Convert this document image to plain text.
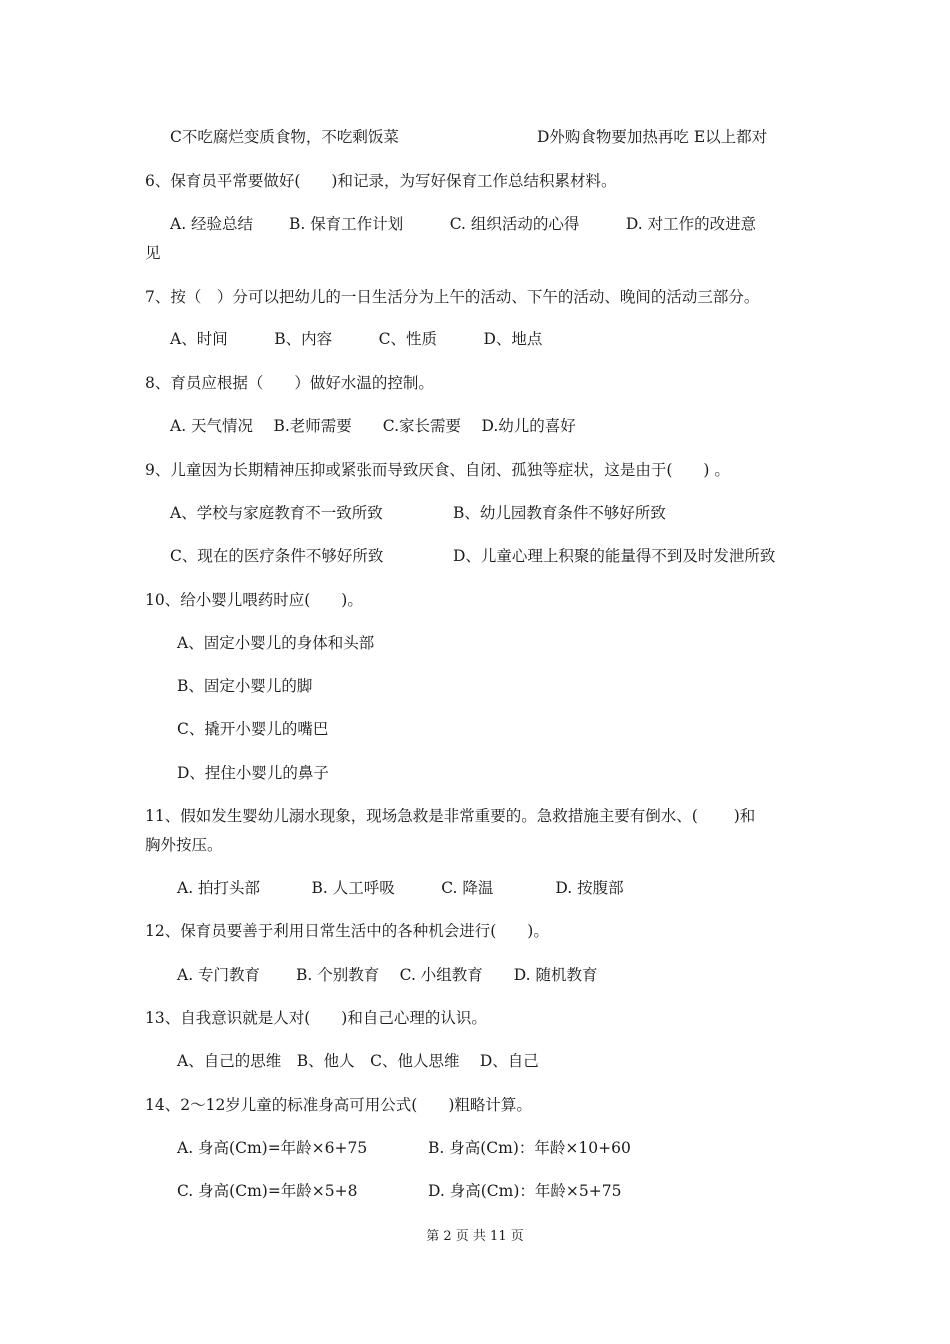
C不吃腐烂变质食物，不吃剩饭菜	D外购食物要加热再吃 E以上都对
6、保育员平常要做好(　　)和记录，为写好保育工作总结积累材料。
A. 经验总结　　 B. 保育工作计划　　　C. 组织活动的心得　　　D. 对工作的改进意
见
7、按（　）分可以把幼儿的一日生活分为上午的活动、下午的活动、晚间的活动三部分。
A、时间　　　B、内容　　　C、性质　　　D、地点
8、育员应根据（　　）做好水温的控制。
A. 天气情况　 B.老师需要　　C.家长需要　 D.幼儿的喜好
9、儿童因为长期精神压抑或紧张而导致厌食、自闭、孤独等症状，这是由于(　　) 。
A、学校与家庭教育不一致所致	B、幼儿园教育条件不够好所致
C、现在的医疗条件不够好所致	D、儿童心理上积聚的能量得不到及时发泄所致
10、给小婴儿喂药时应(　　)。
A、固定小婴儿的身体和头部
B、固定小婴儿的脚
C、撬开小婴儿的嘴巴
D、捏住小婴儿的鼻子
11、假如发生婴幼儿溺水现象，现场急救是非常重要的。急救措施主要有倒水、(　　 )和
胸外按压。
A. 拍打头部　　　 B. 人工呼吸　　　C. 降温　　　　D. 按腹部
12、保育员要善于利用日常生活中的各种机会进行(　　)。
A. 专门教育　　 B. 个别教育　 C. 小组教育　　D. 随机教育
13、自我意识就是人对(　　)和自己心理的认识。
A、自己的思维　B、他人　C、他人思维　 D、自己
14、2～12岁儿童的标准身高可用公式(　　)粗略计算。
A. 身高(Cm)=年龄×6+75	B. 身高(Cm)：年龄×10+60
C. 身高(Cm)=年龄×5+8	D. 身高(Cm)：年龄×5+75
第 2 页 共 11 页
